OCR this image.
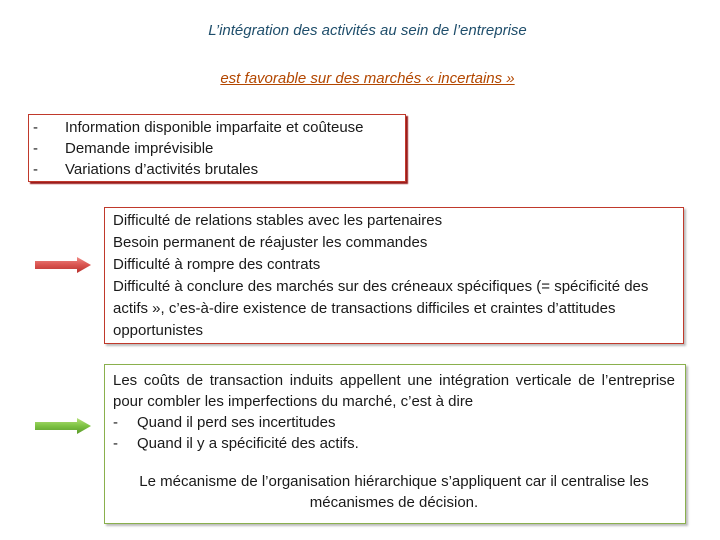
L’intégration des activités au sein de l’entreprise
est favorable sur des marchés « incertains »
-	Information disponible imparfaite et coûteuse
-	Demande imprévisible
-	Variations d’activités brutales
Difficulté de relations stables avec les partenaires
Besoin permanent de réajuster les commandes
Difficulté à rompre des contrats
Difficulté à conclure des marchés sur des créneaux spécifiques (= spécificité des actifs », c’es-à-dire existence de transactions difficiles et craintes d’attitudes opportunistes
Les coûts de transaction induits appellent une intégration verticale de l’entreprise pour combler les imperfections du marché, c’est à dire
-	Quand il perd ses incertitudes
-	Quand il y a spécificité des actifs.
Le mécanisme de l’organisation hiérarchique s’appliquent car il centralise les mécanismes de décision.
